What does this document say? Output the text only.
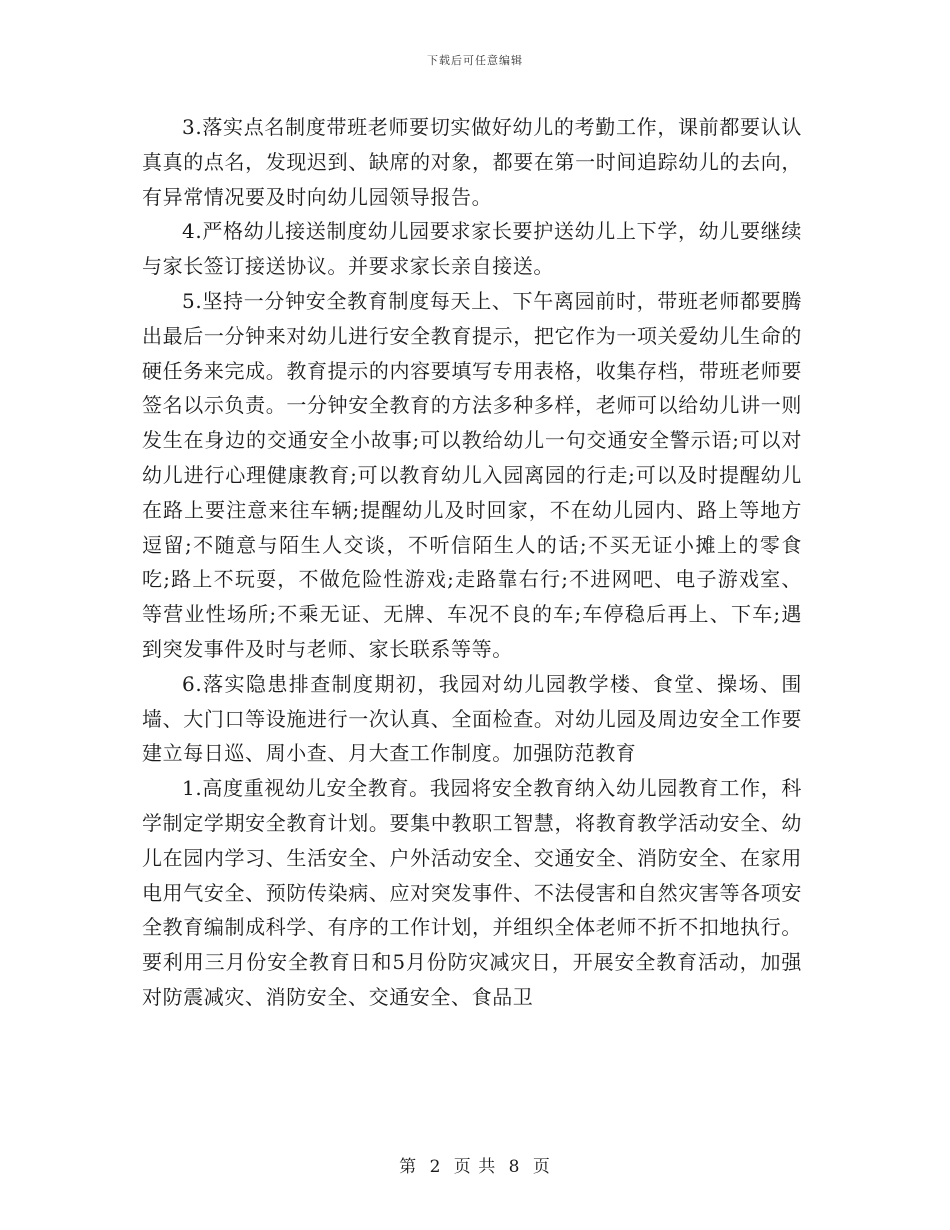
下载后可任意编辑

3.落实点名制度带班老师要切实做好幼儿的考勤工作，课前都要认认真真的点名，发现迟到、缺席的对象，都要在第一时间追踪幼儿的去向，有异常情况要及时向幼儿园领导报告。

4.严格幼儿接送制度幼儿园要求家长要护送幼儿上下学，幼儿要继续与家长签订接送协议。并要求家长亲自接送。

5.坚持一分钟安全教育制度每天上、下午离园前时，带班老师都要腾出最后一分钟来对幼儿进行安全教育提示，把它作为一项关爱幼儿生命的硬任务来完成。教育提示的内容要填写专用表格，收集存档，带班老师要签名以示负责。一分钟安全教育的方法多种多样，老师可以给幼儿讲一则发生在身边的交通安全小故事;可以教给幼儿一句交通安全警示语;可以对幼儿进行心理健康教育;可以教育幼儿入园离园的行走;可以及时提醒幼儿在路上要注意来往车辆;提醒幼儿及时回家，不在幼儿园内、路上等地方逗留;不随意与陌生人交谈，不听信陌生人的话;不买无证小摊上的零食吃;路上不玩耍，不做危险性游戏;走路靠右行;不进网吧、电子游戏室、等营业性场所;不乘无证、无牌、车况不良的车;车停稳后再上、下车;遇到突发事件及时与老师、家长联系等等。

6.落实隐患排查制度期初，我园对幼儿园教学楼、食堂、操场、围墙、大门口等设施进行一次认真、全面检查。对幼儿园及周边安全工作要建立每日巡、周小查、月大查工作制度。加强防范教育

1.高度重视幼儿安全教育。我园将安全教育纳入幼儿园教育工作，科学制定学期安全教育计划。要集中教职工智慧，将教育教学活动安全、幼儿在园内学习、生活安全、户外活动安全、交通安全、消防安全、在家用电用气安全、预防传染病、应对突发事件、不法侵害和自然灾害等各项安全教育编制成科学、有序的工作计划，并组织全体老师不折不扣地执行。要利用三月份安全教育日和5月份防灾减灾日，开展安全教育活动，加强对防震减灾、消防安全、交通安全、食品卫

第 2 页 共 8 页
